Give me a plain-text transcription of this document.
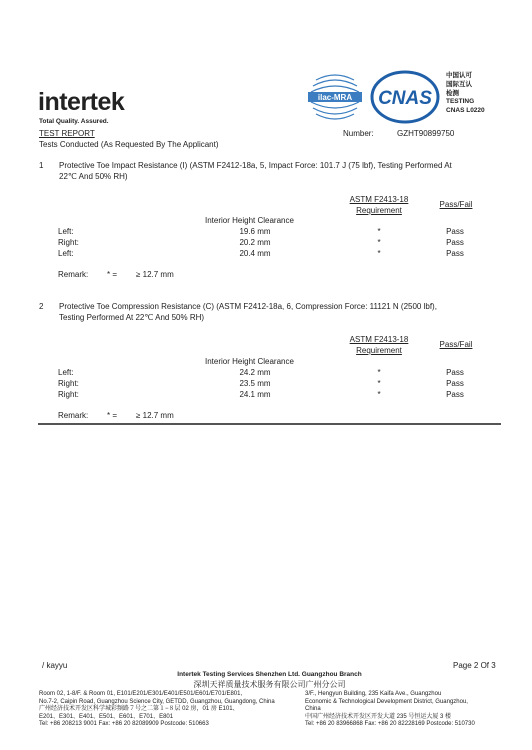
intertek
Total Quality. Assured.
ilac-MRA CNAS
中国认可
国际互认
检测
TESTING
CNAS L0220
TEST REPORT	Number:	GZHT90899750
Tests Conducted (As Requested By The Applicant)
1 Protective Toe Impact Resistance (I) (ASTM F2412-18a, 5, Impact Force: 101.7 J (75 lbf), Testing Performed At
22℃ And 50% RH)
ASTM F2413-18
Requirement
Pass/Fail
Interior Height Clearance
Left:	19.6 mm	*	Pass
Right:	20.2 mm	*	Pass
Left:	20.4 mm	*	Pass
Remark: * = ≥ 12.7 mm
2 Protective Toe Compression Resistance (C) (ASTM F2412-18a, 6, Compression Force: 11121 N (2500 lbf),
Testing Performed At 22℃ And 50% RH)
ASTM F2413-18
Requirement
Pass/Fail
Interior Height Clearance
Left:	24.2 mm	*	Pass
Right:	23.5 mm	*	Pass
Right:	24.1 mm	*	Pass
Remark: * = ≥ 12.7 mm
/ kayyu	Page 2 Of 3
Intertek Testing Services Shenzhen Ltd. Guangzhou Branch
深圳天祥质量技术服务有限公司广州分公司
Room 02, 1-8/F. & Room 01, E101/E201/E301/E401/E501/E601/E701/E801,
No.7-2, Caipin Road, Guangzhou Science City, GETDD, Guangzhou, Guangdong, China
广州经济技术开发区科学城彩频路７号之二第１−８层 02 房，01 房 E101、
E201、E301、E401、E501、E601、E701、E801
Tel: +86 208213 9001 Fax: +86 20 82089909 Postcode: 510663
3/F., Hengyun Building, 235 Kaifa Ave., Guangzhou
Economic & Technological Development District, Guangzhou,
China
中国广州经济技术开发区开发大道 235 号恒运大厦 3 楼
Tel: +86 20 83966868 Fax: +86 20 82228169 Postcode: 510730
